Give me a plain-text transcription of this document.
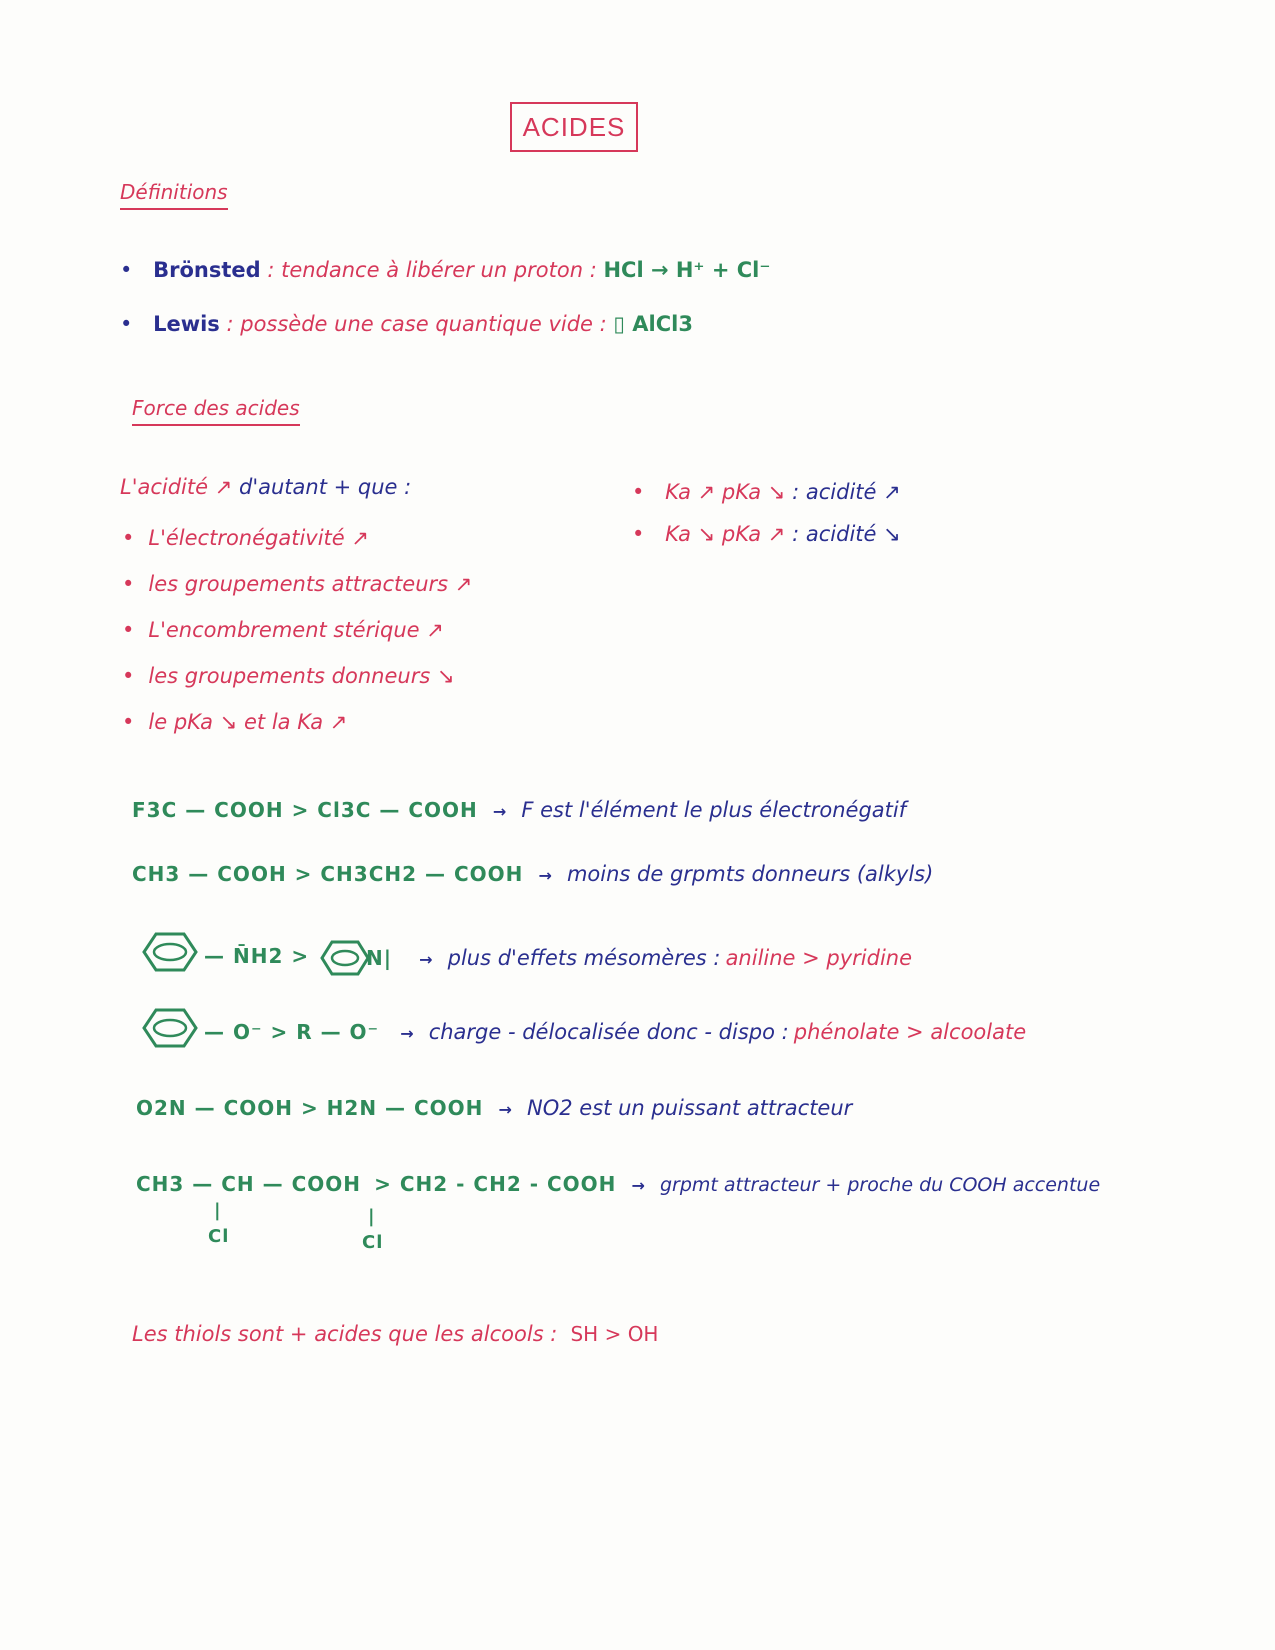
ACIDES
Définitions
• Brönsted : tendance à libérer un proton : HCl → H⁺ + Cl⁻
• Lewis : possède une case quantique vide : ▯ AlCl3
Force des acides
L'acidité ↗ d'autant + que :
• L'électronégativité ↗
• les groupements attracteurs ↗
• L'encombrement stérique ↗
• les groupements donneurs ↘
• le pKa ↘ et la Ka ↗
• Ka ↗ pKa ↘ : acidité ↗
• Ka ↘ pKa ↗ : acidité ↘
F3C — COOH > Cl3C — COOH → F est l'élément le plus électronégatif
CH3 — COOH > CH3CH2 — COOH → moins de grpmts donneurs (alkyls)
— N̄H2 >	N| → plus d'effets mésomères : aniline > pyridine
— O⁻ > R — O⁻ → charge - délocalisée donc - dispo : phénolate > alcoolate
O2N — COOH > H2N — COOH → NO2 est un puissant attracteur
CH3 — CH — COOH > CH2 - CH2 - COOH → grpmt attracteur + proche du COOH accentue
|
Cl
|
Cl
Les thiols sont + acides que les alcools : SH > OH
